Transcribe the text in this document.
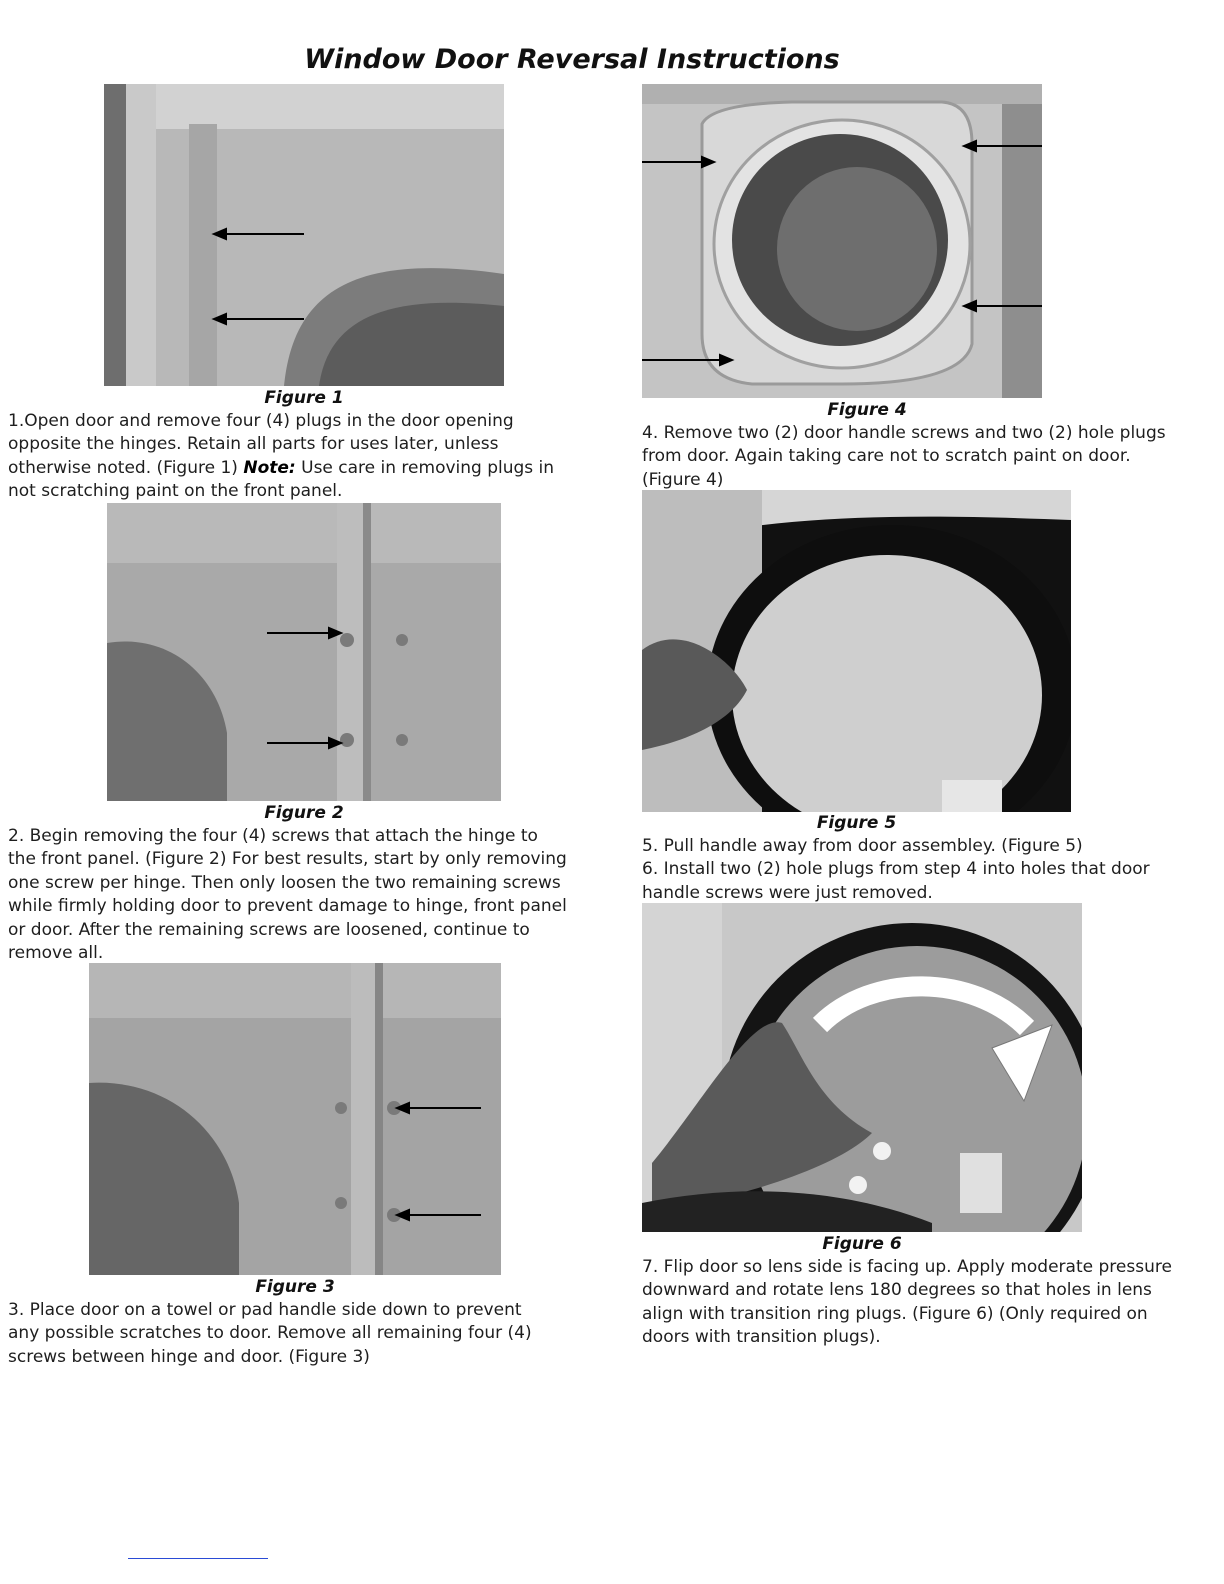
Window Door Reversal Instructions
Figure 1
1.Open door and remove four (4) plugs in the door opening opposite the hinges. Retain all parts for uses later, unless otherwise noted. (Figure 1) Note: Use care in removing plugs in not scratching paint on the front panel.
Figure 2
2. Begin removing the four (4) screws that attach the hinge to the front panel. (Figure 2) For best results, start by only removing one screw per hinge. Then only loosen the two remaining screws while firmly holding door to prevent damage to hinge, front panel or door. After the remaining screws are loosened, continue to remove all.
Figure 3
3. Place door on a towel or pad handle side down to prevent any possible scratches to door. Remove all remaining four (4) screws between hinge and door. (Figure 3)
Figure 4
4. Remove two (2) door handle screws and two (2) hole plugs from door. Again taking care not to scratch paint on door. (Figure 4)
Figure 5

5. Pull handle away from door assembley. (Figure 5)

6. Install two (2) hole plugs from step 4 into holes that door handle screws were just removed.

Figure 6
7. Flip door so lens side is facing up. Apply moderate pressure downward and rotate lens 180 degrees so that holes in lens align with transition ring plugs. (Figure 6) (Only required on doors with transition plugs).
